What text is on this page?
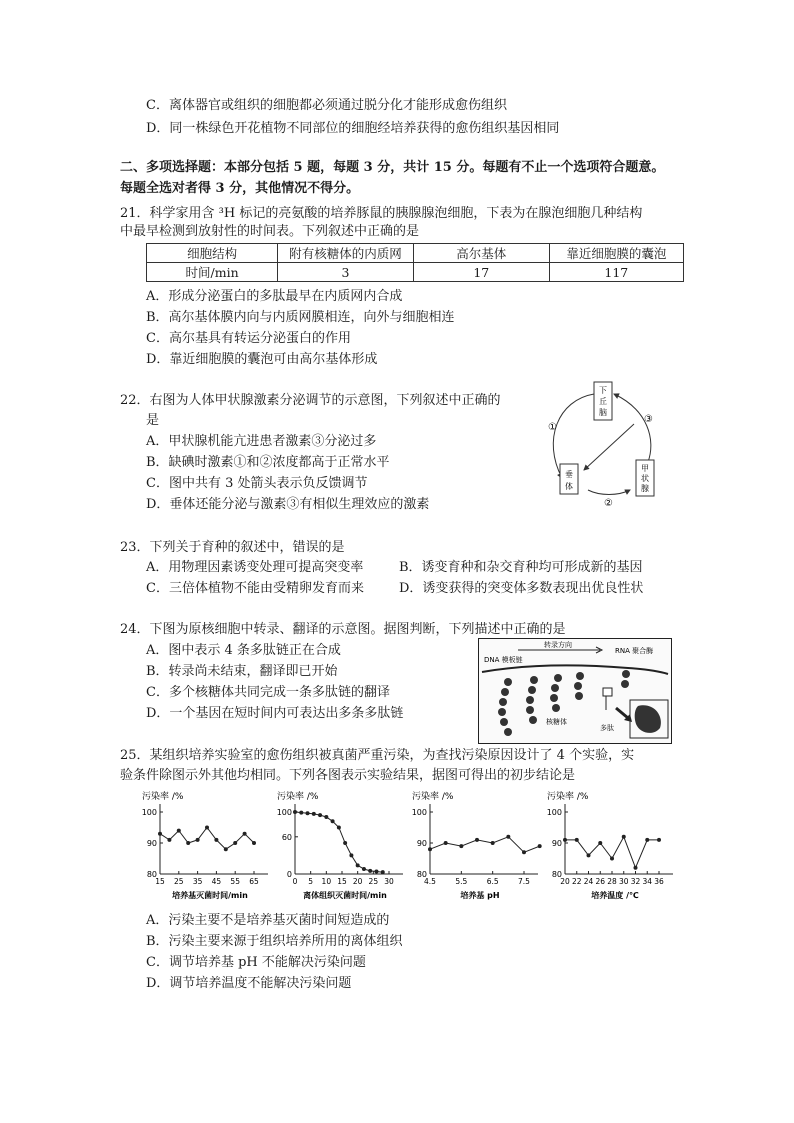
C．离体器官或组织的细胞都必须通过脱分化才能形成愈伤组织
D．同一株绿色开花植物不同部位的细胞经培养获得的愈伤组织基因相同
二、多项选择题：本部分包括 5 题，每题 3 分，共计 15 分。每题有不止一个选项符合题意。
每题全选对者得 3 分，其他情况不得分。
21．科学家用含 ³H 标记的亮氨酸的培养豚鼠的胰腺腺泡细胞，下表为在腺泡细胞几种结构
中最早检测到放射性的时间表。下列叙述中正确的是
细胞结构	附有核糖体的内质网	高尔基体	靠近细胞膜的囊泡
时间/min	3	17	117
A．形成分泌蛋白的多肽最早在内质网内合成
B．高尔基体膜内向与内质网膜相连，向外与细胞相连
C．高尔基具有转运分泌蛋白的作用
D．靠近细胞膜的囊泡可由高尔基体形成
22．右图为人体甲状腺激素分泌调节的示意图，下列叙述中正确的
是
A．甲状腺机能亢进患者激素③分泌过多
B．缺碘时激素①和②浓度都高于正常水平
C．图中共有 3 处箭头表示负反馈调节
D．垂体还能分泌与激素③有相似生理效应的激素
下
丘
脑
垂
体
甲
状
腺
①
②
③
23．下列关于育种的叙述中，错误的是
A．用物理因素诱变处理可提高突变率	B．诱变育种和杂交育种均可形成新的基因
C．三倍体植物不能由受精卵发育而来	D．诱变获得的突变体多数表现出优良性状
24．下图为原核细胞中转录、翻译的示意图。据图判断，下列描述中正确的是
A．图中表示 4 条多肽链正在合成
B．转录尚未结束，翻译即已开始
C．多个核糖体共同完成一条多肽链的翻译
D．一个基因在短时间内可表达出多条多肽链
转录方向
RNA 聚合酶
DNA 模板链
核糖体
多肽
25．某组织培养实验室的愈伤组织被真菌严重污染，为查找污染原因设计了 4 个实验，实
验条件除图示外其他均相同。下列各图表示实验结果，据图可得出的初步结论是
污染率 /%
80
90
100
15 25 35 45 55 65
培养基灭菌时间/min
污染率 /%
0
60
100
0 5 10 15 20 25 30
离体组织灭菌时间/min
污染率 /%
80
90
100
4.5	5.5	6.5	7.5
培养基 pH
污染率 /%
80
90
100
20 22 24 26 28 30 32 34 36
培养温度 /℃
A．污染主要不是培养基灭菌时间短造成的
B．污染主要来源于组织培养所用的离体组织
C．调节培养基 pH 不能解决污染问题
D．调节培养温度不能解决污染问题
